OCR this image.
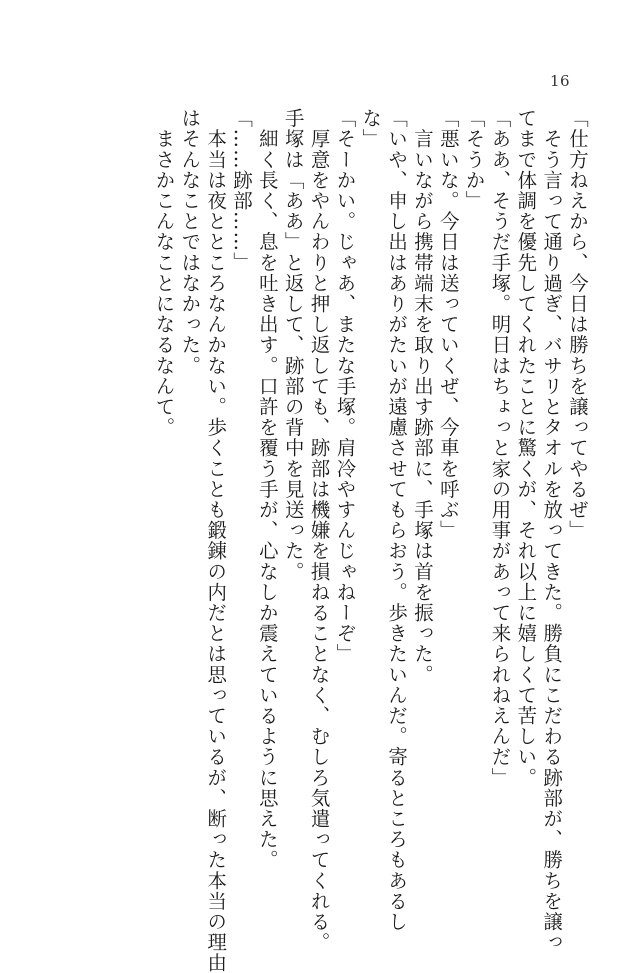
16

「仕方ねえから、今日は勝ちを譲ってやるぜ」

　そう言って通り過ぎ、バサリとタオルを放ってきた。勝負にこだわる跡部が、勝ちを譲っ

てまで体調を優先してくれたことに驚くが、それ以上に嬉しくて苦しい。

「ああ、そうだ手塚。明日はちょっと家の用事があって来られねえんだ」

「そうか」

「悪いな。今日は送っていくぜ、今車を呼ぶ」

　言いながら携帯端末を取り出す跡部に、手塚は首を振った。

「いや、申し出はありがたいが遠慮させてもらおう。歩きたいんだ。寄るところもあるし

な」

「そーかい。じゃあ、またな手塚。肩冷やすんじゃねーぞ」

　厚意をやんわりと押し返しても、跡部は機嫌を損ねることなく、むしろ気遣ってくれる。

手塚は「ああ」と返して、跡部の背中を見送った。

　細く長く、息を吐き出す。口許を覆う手が、心なしか震えているように思えた。

「……跡部……」

　本当は夜とところなんかない。歩くことも鍛錬の内だとは思っているが、断った本当の理由

はそんなことではなかった。

　まさかこんなことになるなんて。
